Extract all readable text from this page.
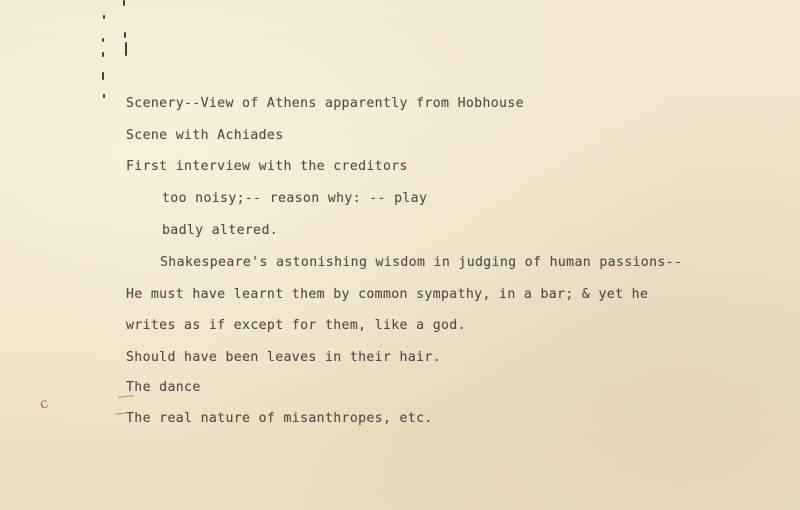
Scenery--View of Athens apparently from Hobhouse
Scene with Achiades
First interview with the creditors
too noisy;-- reason why: -- play
badly altered.
Shakespeare's astonishing wisdom in judging of human passions--
He must have learnt them by common sympathy, in a bar; & yet he
writes as if except for them, like a god.
Should have been leaves in their hair.
The dance
The real nature of misanthropes, etc.
c
